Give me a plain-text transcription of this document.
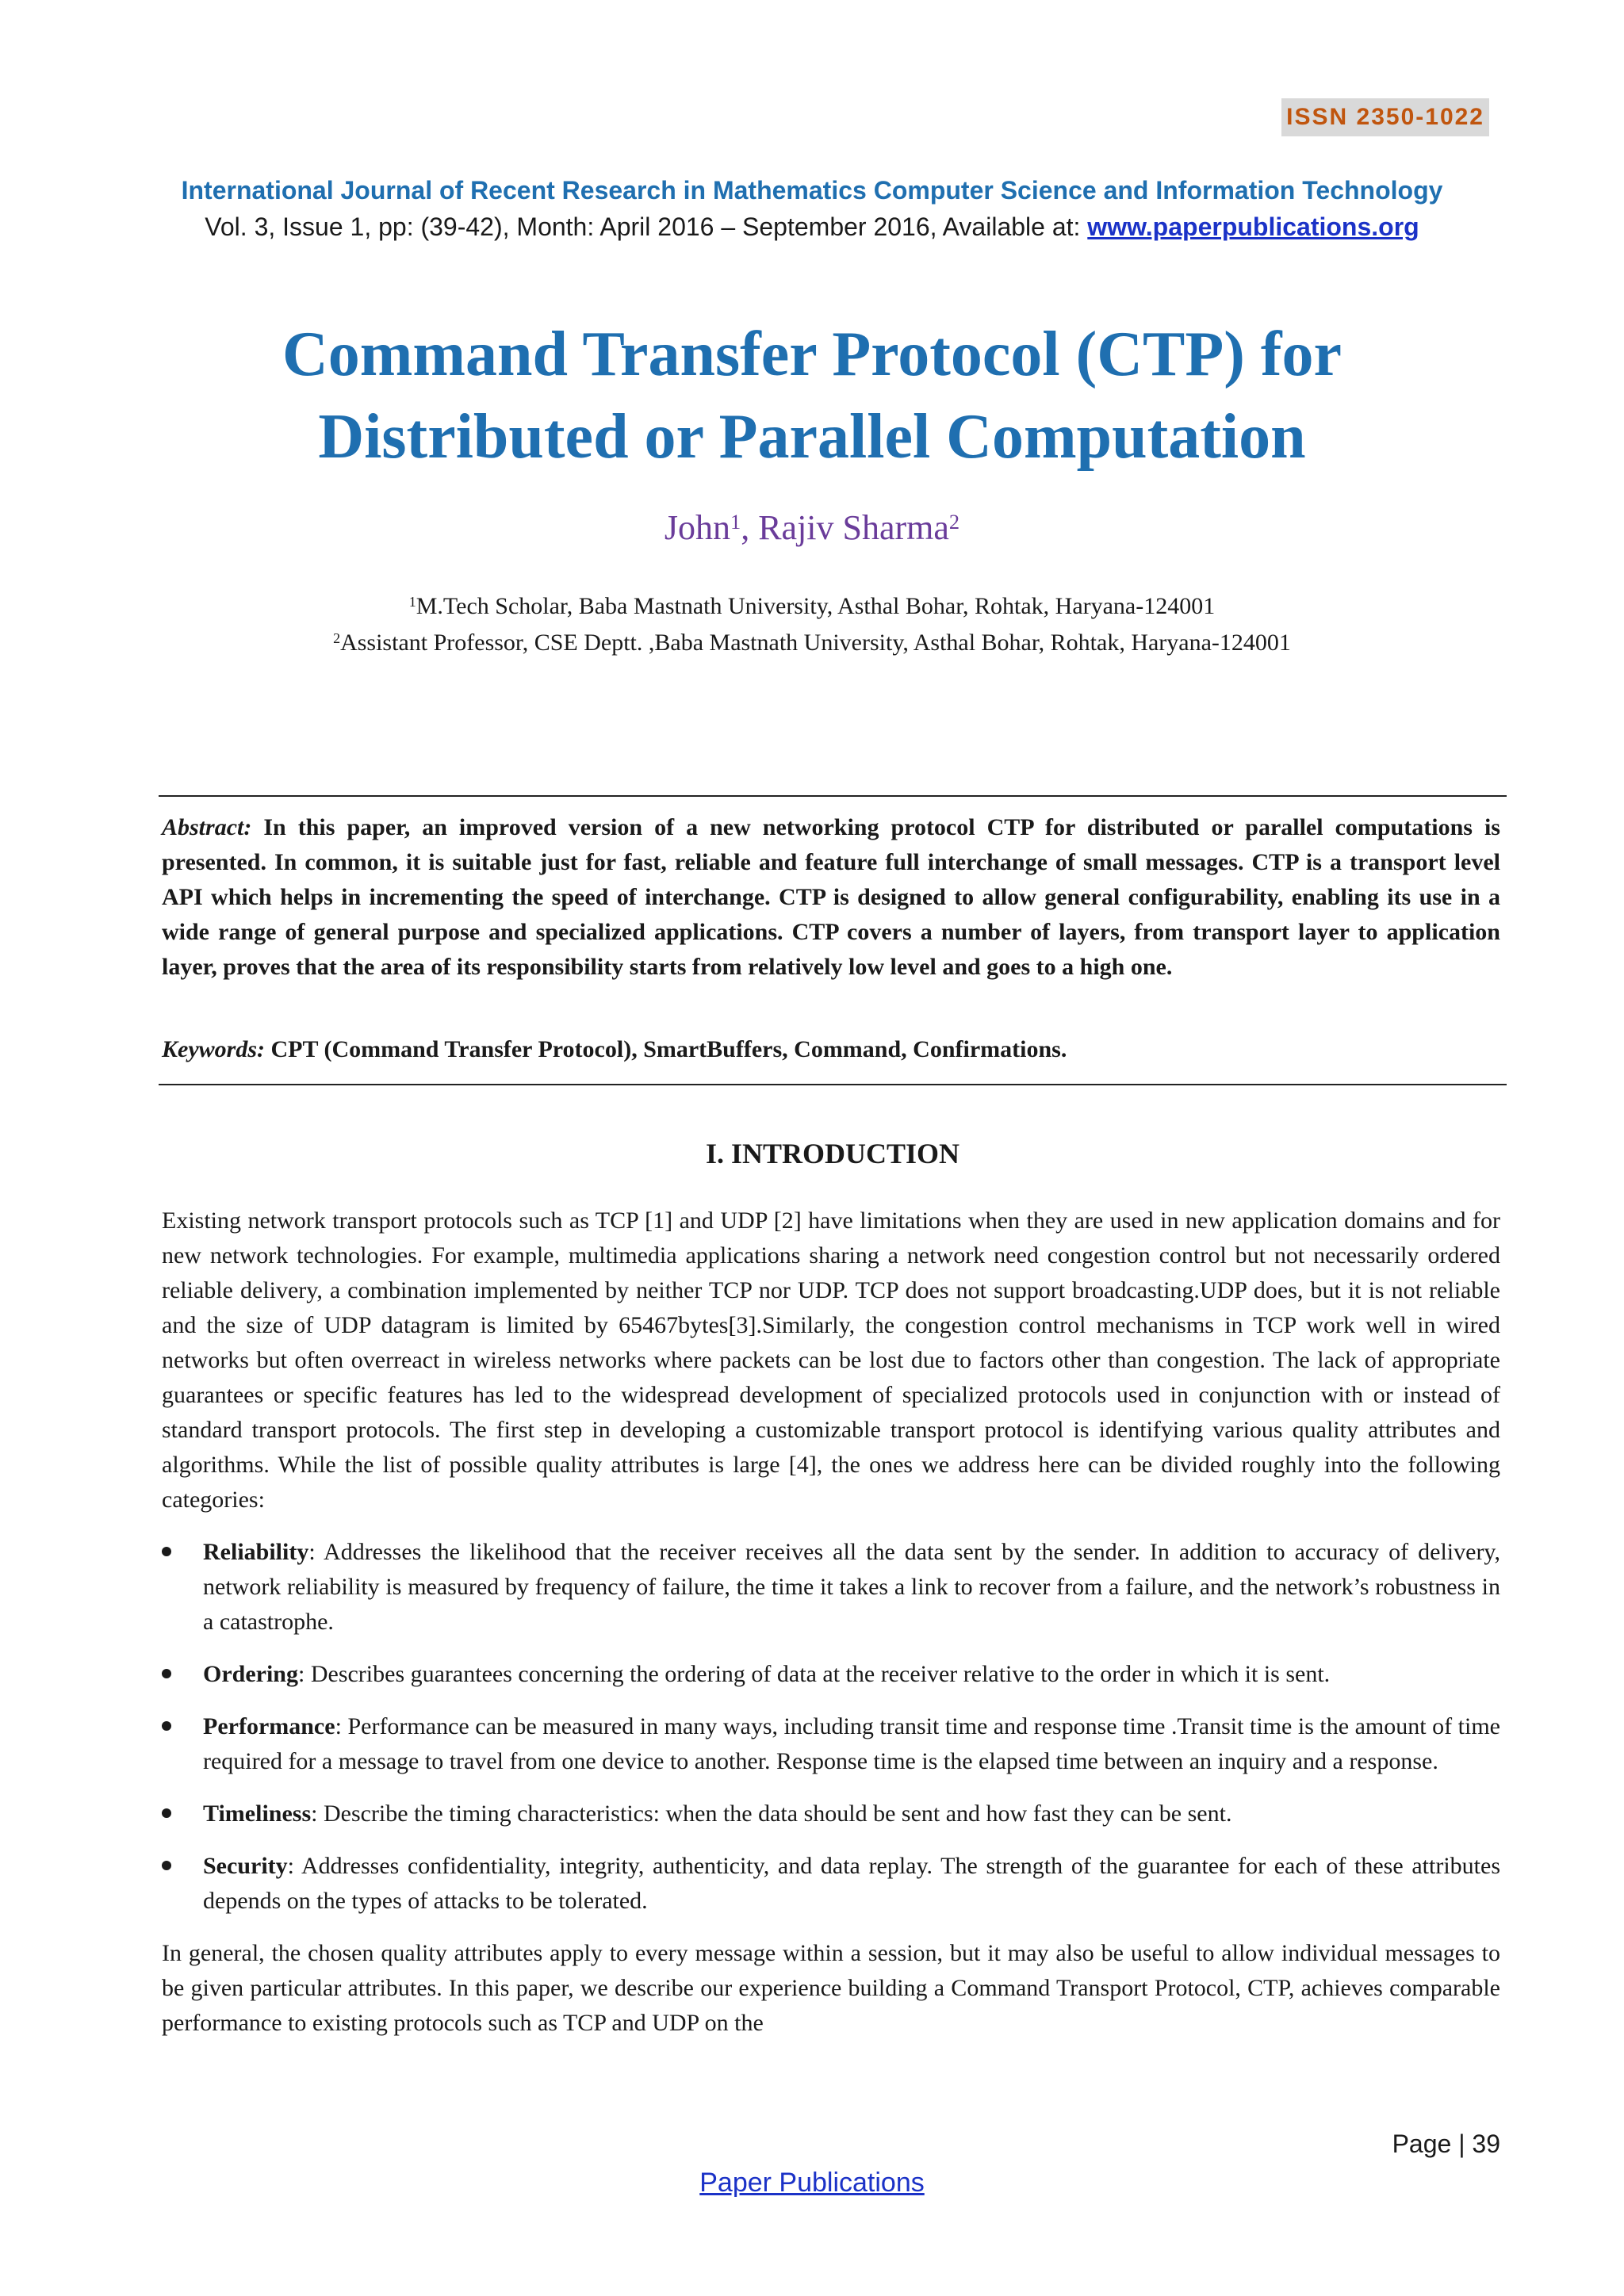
ISSN 2350-1022
International Journal of Recent Research in Mathematics Computer Science and Information Technology
Vol. 3, Issue 1, pp: (39-42), Month: April 2016 – September 2016, Available at: www.paperpublications.org
Command Transfer Protocol (CTP) for
Distributed or Parallel Computation
John$^1$, Rajiv Sharma$^2$
$^1$M.Tech Scholar, Baba Mastnath University, Asthal Bohar, Rohtak, Haryana-124001
$^2$Assistant Professor, CSE Deptt. ,Baba Mastnath University, Asthal Bohar, Rohtak, Haryana-124001
Abstract: In this paper, an improved version of a new networking protocol CTP for distributed or parallel computations is presented. In common, it is suitable just for fast, reliable and feature full interchange of small messages. CTP is a transport level API which helps in incrementing the speed of interchange. CTP is designed to allow general configurability, enabling its use in a wide range of general purpose and specialized applications. CTP covers a number of layers, from transport layer to application layer, proves that the area of its responsibility starts from relatively low level and goes to a high one.
Keywords: CPT (Command Transfer Protocol), SmartBuffers, Command, Confirmations.
I. INTRODUCTION

Existing network transport protocols such as TCP [1] and UDP [2] have limitations when they are used in new application domains and for new network technologies. For example, multimedia applications sharing a network need congestion control but not necessarily ordered reliable delivery, a combination implemented by neither TCP nor UDP. TCP does not support broadcasting.UDP does, but it is not reliable and the size of UDP datagram is limited by 65467bytes[3].Similarly, the congestion control mechanisms in TCP work well in wired networks but often overreact in wireless networks where packets can be lost due to factors other than congestion. The lack of appropriate guarantees or specific features has led to the widespread development of specialized protocols used in conjunction with or instead of standard transport protocols. The first step in developing a customizable transport protocol is identifying various quality attributes and algorithms. While the list of possible quality attributes is large [4], the ones we address here can be divided roughly into the following categories:

Reliability: Addresses the likelihood that the receiver receives all the data sent by the sender. In addition to accuracy of delivery, network reliability is measured by frequency of failure, the time it takes a link to recover from a failure, and the network’s robustness in a catastrophe.
Ordering: Describes guarantees concerning the ordering of data at the receiver relative to the order in which it is sent.
Performance: Performance can be measured in many ways, including transit time and response time .Transit time is the amount of time required for a message to travel from one device to another. Response time is the elapsed time between an inquiry and a response.
Timeliness: Describe the timing characteristics: when the data should be sent and how fast they can be sent.
Security: Addresses confidentiality, integrity, authenticity, and data replay. The strength of the guarantee for each of these attributes depends on the types of attacks to be tolerated.

In general, the chosen quality attributes apply to every message within a session, but it may also be useful to allow individual messages to be given particular attributes. In this paper, we describe our experience building a Command Transport Protocol, CTP, achieves comparable performance to existing protocols such as TCP and UDP on the

Page | 39
Paper Publications
